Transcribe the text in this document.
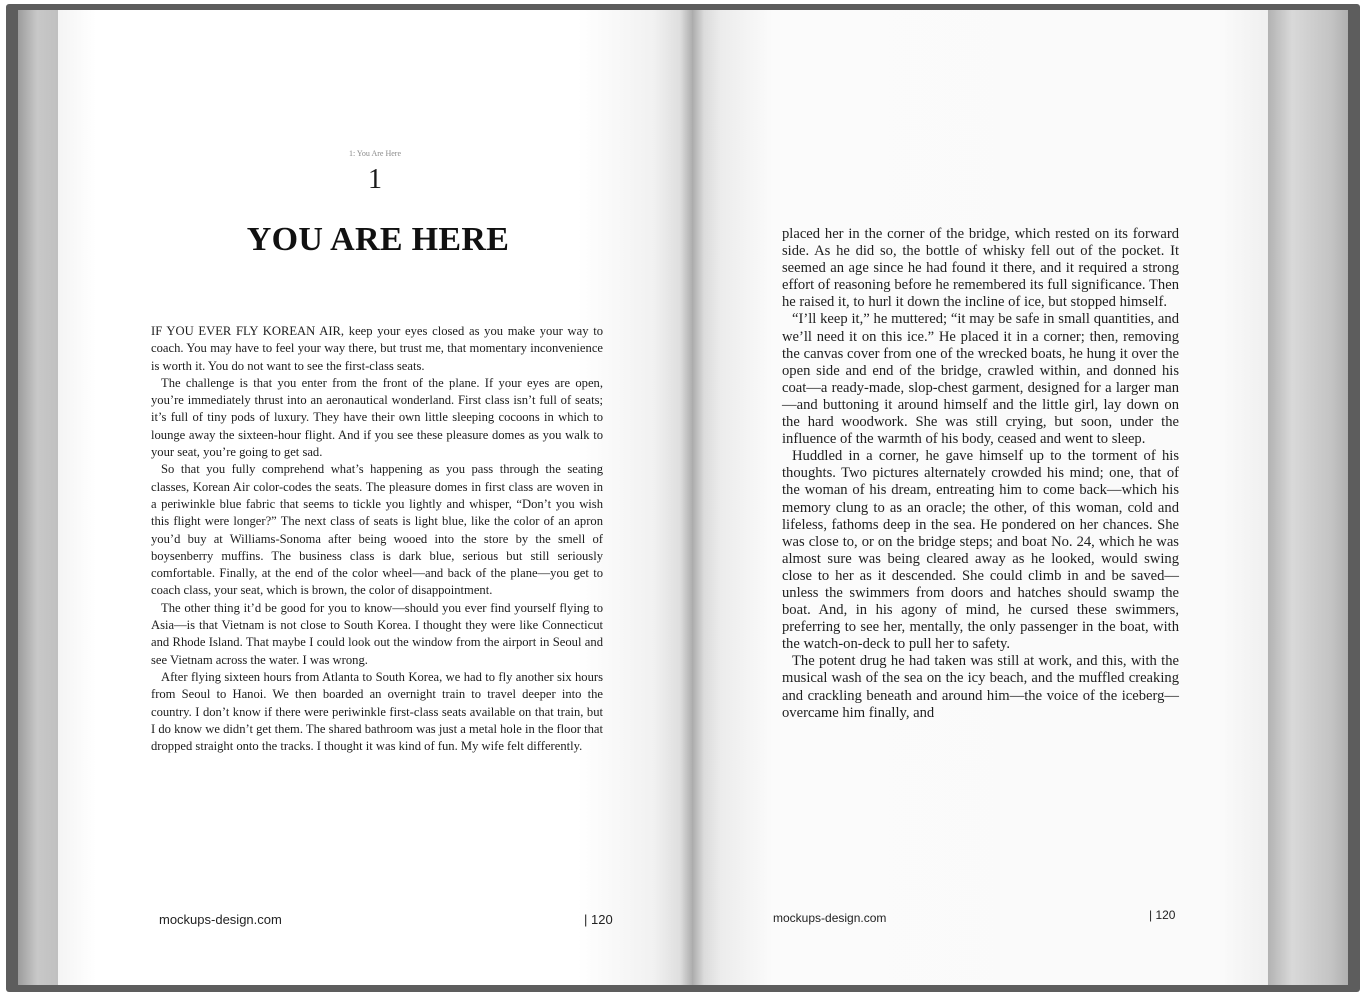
1: You Are Here
1
YOU ARE HERE

IF YOU EVER FLY KOREAN AIR, keep your eyes closed as you make your way to coach. You may have to feel your way there, but trust me, that momentary inconvenience is worth it. You do not want to see the first-class seats.

The challenge is that you enter from the front of the plane. If your eyes are open, you’re immediately thrust into an aeronautical wonderland. First class isn’t full of seats; it’s full of tiny pods of luxury. They have their own little sleeping cocoons in which to lounge away the sixteen-hour flight. And if you see these pleasure domes as you walk to your seat, you’re going to get sad.

So that you fully comprehend what’s happening as you pass through the seating classes, Korean Air color-codes the seats. The pleasure domes in first class are woven in a periwinkle blue fabric that seems to tickle you lightly and whisper, “Don’t you wish this flight were longer?” The next class of seats is light blue, like the color of an apron you’d buy at Williams-Sonoma after being wooed into the store by the smell of boysenberry muffins. The business class is dark blue, serious but still seriously comfortable. Finally, at the end of the color wheel—and back of the plane—you get to coach class, your seat, which is brown, the color of disappointment.

The other thing it’d be good for you to know—should you ever find yourself flying to Asia—is that Vietnam is not close to South Korea. I thought they were like Connecticut and Rhode Island. That maybe I could look out the window from the airport in Seoul and see Vietnam across the water. I was wrong.

After flying sixteen hours from Atlanta to South Korea, we had to fly another six hours from Seoul to Hanoi. We then boarded an overnight train to travel deeper into the country. I don’t know if there were periwinkle first-class seats available on that train, but I do know we didn’t get them. The shared bathroom was just a metal hole in the floor that dropped straight onto the tracks. I thought it was kind of fun. My wife felt differently.

mockups-design.com	| 120

placed her in the corner of the bridge, which rested on its forward side. As he did so, the bottle of whisky fell out of the pocket. It seemed an age since he had found it there, and it required a strong effort of reasoning before he remembered its full significance. Then he raised it, to hurl it down the incline of ice, but stopped himself.

“I’ll keep it,” he muttered; “it may be safe in small quantities, and we’ll need it on this ice.” He placed it in a corner; then, removing the canvas cover from one of the wrecked boats, he hung it over the open side and end of the bridge, crawled within, and donned his coat—a ready-made, slop-chest garment, designed for a larger man—and buttoning it around himself and the little girl, lay down on the hard woodwork. She was still crying, but soon, under the influence of the warmth of his body, ceased and went to sleep.

Huddled in a corner, he gave himself up to the torment of his thoughts. Two pictures alternately crowded his mind; one, that of the woman of his dream, entreating him to come back—which his memory clung to as an oracle; the other, of this woman, cold and lifeless, fathoms deep in the sea. He pondered on her chances. She was close to, or on the bridge steps; and boat No. 24, which he was almost sure was being cleared away as he looked, would swing close to her as it descended. She could climb in and be saved—unless the swimmers from doors and hatches should swamp the boat. And, in his agony of mind, he cursed these swimmers, preferring to see her, mentally, the only passenger in the boat, with the watch-on-deck to pull her to safety.

The potent drug he had taken was still at work, and this, with the musical wash of the sea on the icy beach, and the muffled creaking and crackling beneath and around him—the voice of the iceberg—overcame him finally, and

mockups-design.com	| 120
